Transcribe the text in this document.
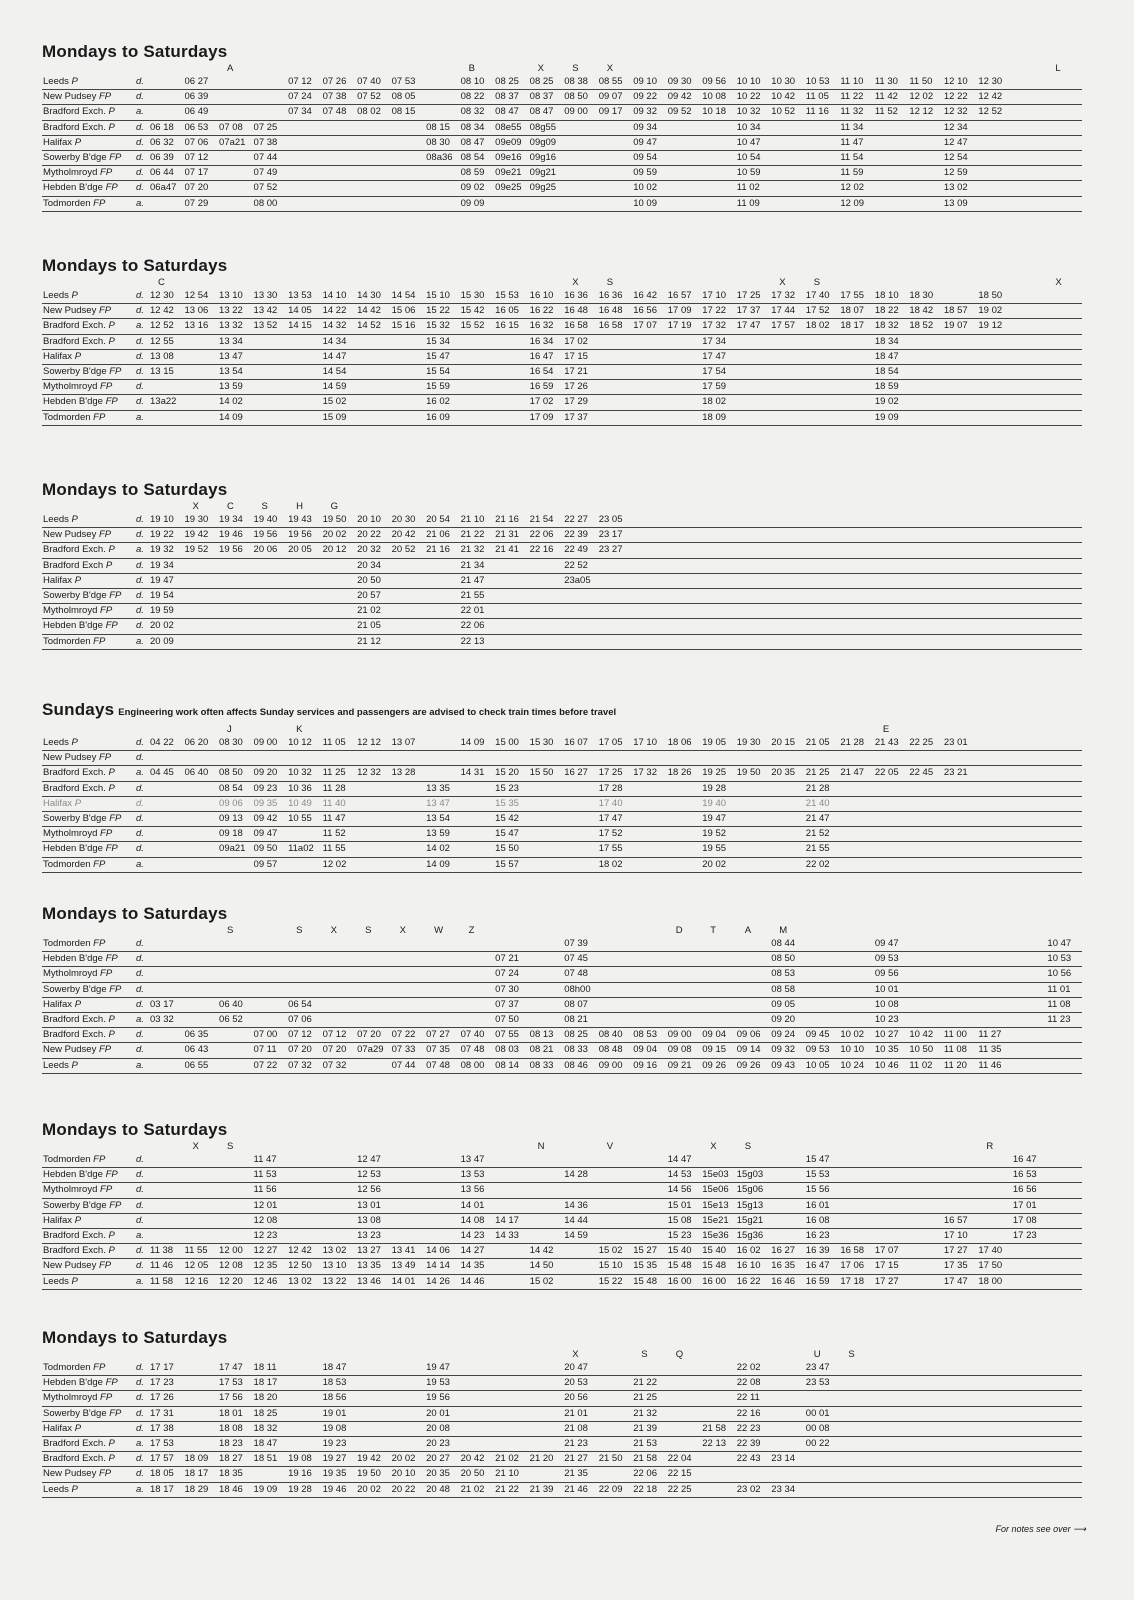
Mondays to Saturdays
				A							B		X	S	X													L
Leeds P	d.		06 27			07 12	07 26	07 40	07 53		08 10	08 25	08 25	08 38	08 55	09 10	09 30	09 56	10 10	10 30	10 53	11 10	11 30	11 50	12 10	12 30		
New Pudsey FP	d.		06 39			07 24	07 38	07 52	08 05		08 22	08 37	08 37	08 50	09 07	09 22	09 42	10 08	10 22	10 42	11 05	11 22	11 42	12 02	12 22	12 42		
Bradford Exch. P	a.		06 49			07 34	07 48	08 02	08 15		08 32	08 47	08 47	09 00	09 17	09 32	09 52	10 18	10 32	10 52	11 16	11 32	11 52	12 12	12 32	12 52		
Bradford Exch. P	d.	06 18	06 53	07 08	07 25					08 15	08 34	08e55	08g55			09 34			10 34			11 34			12 34			
Halifax P	d.	06 32	07 06	07a21	07 38					08 30	08 47	09e09	09g09			09 47			10 47			11 47			12 47			
Sowerby B'dge FP	d.	06 39	07 12		07 44					08a36	08 54	09e16	09g16			09 54			10 54			11 54			12 54			
Mytholmroyd FP	d.	06 44	07 17		07 49						08 59	09e21	09g21			09 59			10 59			11 59			12 59			
Hebden B'dge FP	d.	06a47	07 20		07 52						09 02	09e25	09g25			10 02			11 02			12 02			13 02			
Todmorden FP	a.		07 29		08 00						09 09					10 09			11 09			12 09			13 09			
Mondays to Saturdays
		C												X	S					X	S							X
Leeds P	d.	12 30	12 54	13 10	13 30	13 53	14 10	14 30	14 54	15 10	15 30	15 53	16 10	16 36	16 36	16 42	16 57	17 10	17 25	17 32	17 40	17 55	18 10	18 30		18 50		
New Pudsey FP	d.	12 42	13 06	13 22	13 42	14 05	14 22	14 42	15 06	15 22	15 42	16 05	16 22	16 48	16 48	16 56	17 09	17 22	17 37	17 44	17 52	18 07	18 22	18 42	18 57	19 02		
Bradford Exch. P	a.	12 52	13 16	13 32	13 52	14 15	14 32	14 52	15 16	15 32	15 52	16 15	16 32	16 58	16 58	17 07	17 19	17 32	17 47	17 57	18 02	18 17	18 32	18 52	19 07	19 12		
Bradford Exch. P	d.	12 55		13 34			14 34			15 34			16 34	17 02				17 34					18 34					
Halifax P	d.	13 08		13 47			14 47			15 47			16 47	17 15				17 47					18 47					
Sowerby B'dge FP	d.	13 15		13 54			14 54			15 54			16 54	17 21				17 54					18 54					
Mytholmroyd FP	d.			13 59			14 59			15 59			16 59	17 26				17 59					18 59					
Hebden B'dge FP	d.	13a22		14 02			15 02			16 02			17 02	17 29				18 02					19 02					
Todmorden FP	a.			14 09			15 09			16 09			17 09	17 37				18 09					19 09					
Mondays to Saturdays
			X	C	S	H	G																					
Leeds P	d.	19 10	19 30	19 34	19 40	19 43	19 50	20 10	20 30	20 54	21 10	21 16	21 54	22 27	23 05													
New Pudsey FP	d.	19 22	19 42	19 46	19 56	19 56	20 02	20 22	20 42	21 06	21 22	21 31	22 06	22 39	23 17													
Bradford Exch. P	a.	19 32	19 52	19 56	20 06	20 05	20 12	20 32	20 52	21 16	21 32	21 41	22 16	22 49	23 27													
Bradford Exch P	d.	19 34						20 34			21 34			22 52														
Halifax P	d.	19 47						20 50			21 47			23a05														
Sowerby B'dge FP	d.	19 54						20 57			21 55																	
Mytholmroyd FP	d.	19 59						21 02			22 01																	
Hebden B'dge FP	d.	20 02						21 05			22 06																	
Todmorden FP	a.	20 09						21 12			22 13																	
Sundays Engineering work often affects Sunday services and passengers are advised to check train times before travel
				J		K																	E					
Leeds P	d.	04 22	06 20	08 30	09 00	10 12	11 05	12 12	13 07		14 09	15 00	15 30	16 07	17 05	17 10	18 06	19 05	19 30	20 15	21 05	21 28	21 43	22 25	23 01			
New Pudsey FP	d.																											
Bradford Exch. P	a.	04 45	06 40	08 50	09 20	10 32	11 25	12 32	13 28		14 31	15 20	15 50	16 27	17 25	17 32	18 26	19 25	19 50	20 35	21 25	21 47	22 05	22 45	23 21			
Bradford Exch. P	d.			08 54	09 23	10 36	11 28			13 35		15 23			17 28			19 28			21 28							
Halifax P	d.			09 06	09 35	10 49	11 40			13 47		15 35			17 40			19 40			21 40							
Sowerby B'dge FP	d.			09 13	09 42	10 55	11 47			13 54		15 42			17 47			19 47			21 47							
Mytholmroyd FP	d.			09 18	09 47		11 52			13 59		15 47			17 52			19 52			21 52							
Hebden B'dge FP	d.			09a21	09 50	11a02	11 55			14 02		15 50			17 55			19 55			21 55							
Todmorden FP	a.				09 57		12 02			14 09		15 57			18 02			20 02			22 02							
Mondays to Saturdays
				S		S	X	S	X	W	Z						D	T	A	M								
Todmorden FP	d.													07 39						08 44			09 47					10 47
Hebden B'dge FP	d.											07 21		07 45						08 50			09 53					10 53
Mytholmroyd FP	d.											07 24		07 48						08 53			09 56					10 56
Sowerby B'dge FP	d.											07 30		08h00						08 58			10 01					11 01
Halifax P	d.	03 17		06 40		06 54						07 37		08 07						09 05			10 08					11 08
Bradford Exch. P	a.	03 32		06 52		07 06						07 50		08 21						09 20			10 23					11 23
Bradford Exch. P	d.		06 35		07 00	07 12	07 12	07 20	07 22	07 27	07 40	07 55	08 13	08 25	08 40	08 53	09 00	09 04	09 06	09 24	09 45	10 02	10 27	10 42	11 00	11 27		
New Pudsey FP	d.		06 43		07 11	07 20	07 20	07a29	07 33	07 35	07 48	08 03	08 21	08 33	08 48	09 04	09 08	09 15	09 14	09 32	09 53	10 10	10 35	10 50	11 08	11 35		
Leeds P	a.		06 55		07 22	07 32	07 32		07 44	07 48	08 00	08 14	08 33	08 46	09 00	09 16	09 21	09 26	09 26	09 43	10 05	10 24	10 46	11 02	11 20	11 46		
Mondays to Saturdays
			X	S									N		V			X	S							R		
Todmorden FP	d.				11 47			12 47			13 47						14 47				15 47						16 47	
Hebden B'dge FP	d.				11 53			12 53			13 53			14 28			14 53	15e03	15g03		15 53						16 53	
Mytholmroyd FP	d.				11 56			12 56			13 56						14 56	15e06	15g06		15 56						16 56	
Sowerby B'dge FP	d.				12 01			13 01			14 01			14 36			15 01	15e13	15g13		16 01						17 01	
Halifax P	d.				12 08			13 08			14 08	14 17		14 44			15 08	15e21	15g21		16 08				16 57		17 08	
Bradford Exch. P	a.				12 23			13 23			14 23	14 33		14 59			15 23	15e36	15g36		16 23				17 10		17 23	
Bradford Exch. P	d.	11 38	11 55	12 00	12 27	12 42	13 02	13 27	13 41	14 06	14 27		14 42		15 02	15 27	15 40	15 40	16 02	16 27	16 39	16 58	17 07		17 27	17 40		
New Pudsey FP	d.	11 46	12 05	12 08	12 35	12 50	13 10	13 35	13 49	14 14	14 35		14 50		15 10	15 35	15 48	15 48	16 10	16 35	16 47	17 06	17 15		17 35	17 50		
Leeds P	a.	11 58	12 16	12 20	12 46	13 02	13 22	13 46	14 01	14 26	14 46		15 02		15 22	15 48	16 00	16 00	16 22	16 46	16 59	17 18	17 27		17 47	18 00		
Mondays to Saturdays
														X		S	Q				U	S						
Todmorden FP	d.	17 17		17 47	18 11		18 47			19 47				20 47					22 02		23 47							
Hebden B'dge FP	d.	17 23		17 53	18 17		18 53			19 53				20 53		21 22			22 08		23 53							
Mytholmroyd FP	d.	17 26		17 56	18 20		18 56			19 56				20 56		21 25			22 11									
Sowerby B'dge FP	d.	17 31		18 01	18 25		19 01			20 01				21 01		21 32			22 16		00 01							
Halifax P	d.	17 38		18 08	18 32		19 08			20 08				21 08		21 39		21 58	22 23		00 08							
Bradford Exch. P	a.	17 53		18 23	18 47		19 23			20 23				21 23		21 53		22 13	22 39		00 22							
Bradford Exch. P	d.	17 57	18 09	18 27	18 51	19 08	19 27	19 42	20 02	20 27	20 42	21 02	21 20	21 27	21 50	21 58	22 04		22 43	23 14								
New Pudsey FP	d.	18 05	18 17	18 35		19 16	19 35	19 50	20 10	20 35	20 50	21 10		21 35		22 06	22 15											
Leeds P	a.	18 17	18 29	18 46	19 09	19 28	19 46	20 02	20 22	20 48	21 02	21 22	21 39	21 46	22 09	22 18	22 25		23 02	23 34								
For notes see over ⟶
